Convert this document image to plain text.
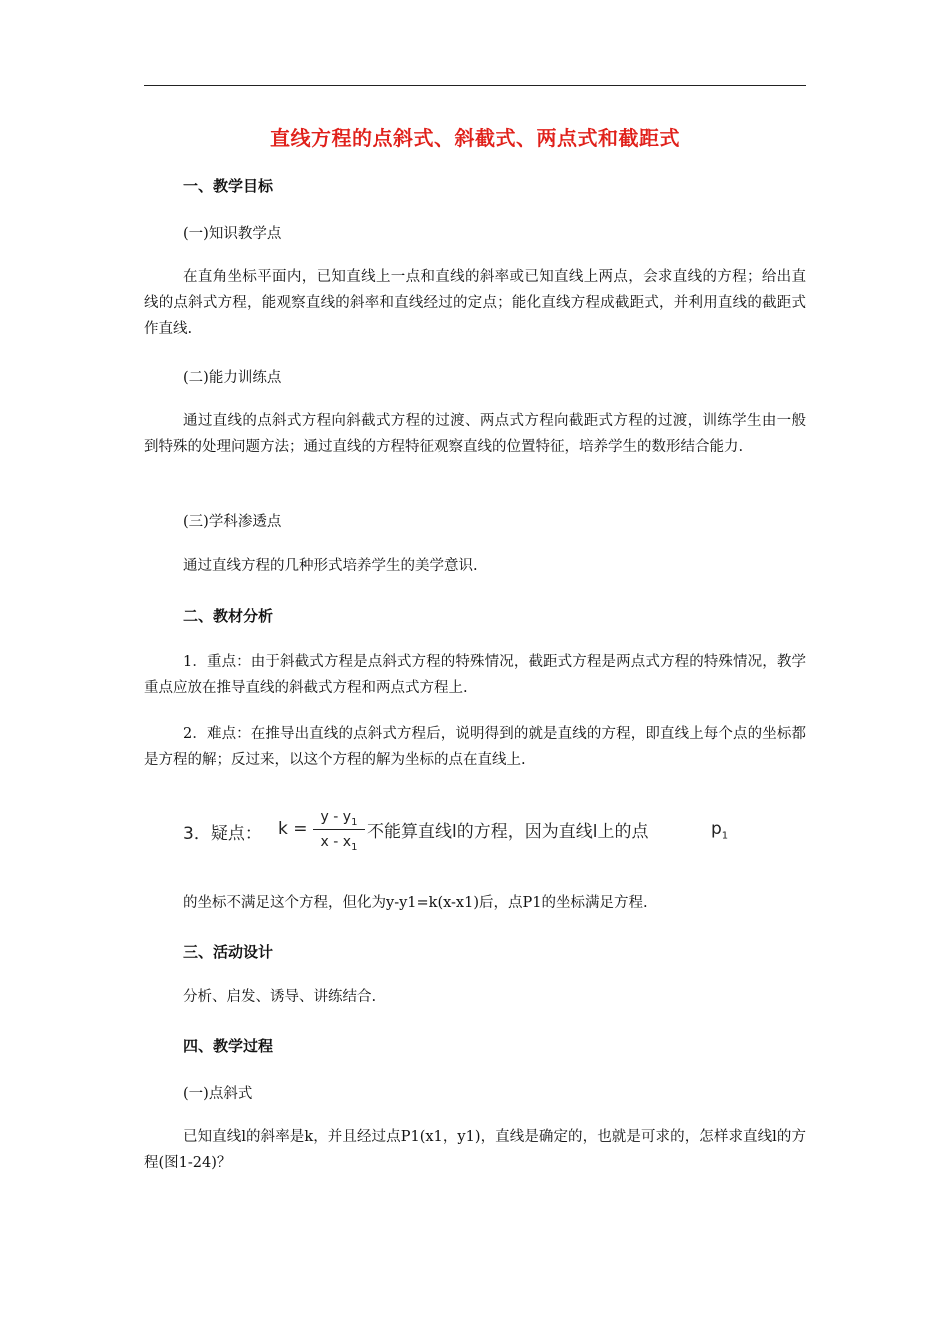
直线方程的点斜式、斜截式、两点式和截距式
一、教学目标
(一)知识教学点
在直角坐标平面内，已知直线上一点和直线的斜率或已知直线上两点，会求直线的方程；给出直线的点斜式方程，能观察直线的斜率和直线经过的定点；能化直线方程成截距式，并利用直线的截距式作直线.
(二)能力训练点
通过直线的点斜式方程向斜截式方程的过渡、两点式方程向截距式方程的过渡，训练学生由一般到特殊的处理问题方法；通过直线的方程特征观察直线的位置特征，培养学生的数形结合能力.
(三)学科渗透点
通过直线方程的几种形式培养学生的美学意识.
二、教材分析
1．重点：由于斜截式方程是点斜式方程的特殊情况，截距式方程是两点式方程的特殊情况，教学重点应放在推导直线的斜截式方程和两点式方程上.
2．难点：在推导出直线的点斜式方程后，说明得到的就是直线的方程，即直线上每个点的坐标都是方程的解；反过来，以这个方程的解为坐标的点在直线上.
3．疑点： k =
y - $y_1$
x - $x_1$
不能算直线l的方程，因为直线l上的点	$p_1$
的坐标不满足这个方程，但化为y-y1=k(x-x1)后，点P1的坐标满足方程.
三、活动设计
分析、启发、诱导、讲练结合.
四、教学过程
(一)点斜式
已知直线l的斜率是k，并且经过点P1(x1，y1)，直线是确定的，也就是可求的，怎样求直线l的方程(图1-24)？
